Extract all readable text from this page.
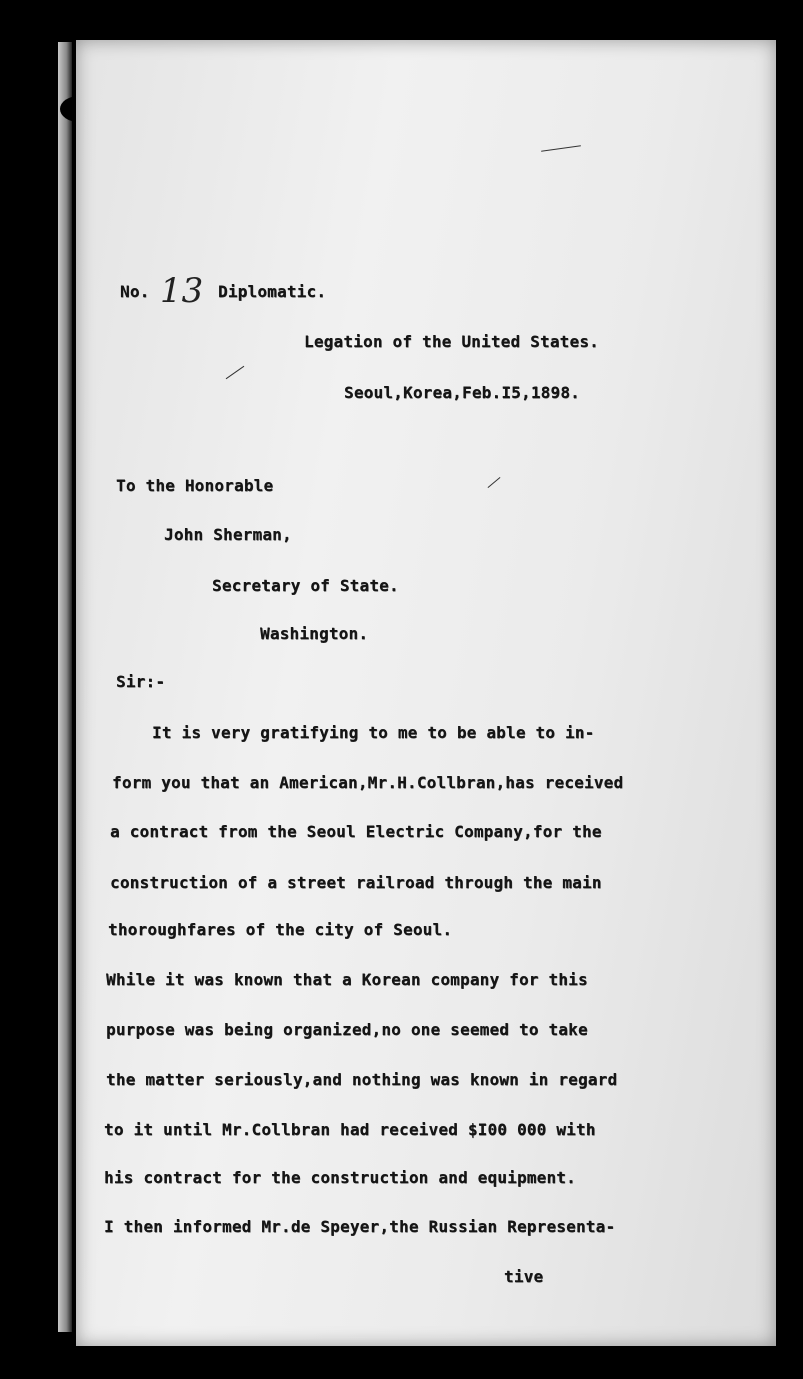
No. 13 Diplomatic.
Legation of the United States.
Seoul,Korea,Feb.I5,1898.
To the Honorable
John Sherman,
Secretary of State.
Washington.
Sir:-
It is very gratifying to me to be able to in-
form you that an American,Mr.H.Collbran,has received
a contract from the Seoul Electric Company,for the
construction of a street railroad through the main
thoroughfares of the city of Seoul.
While it was known that a Korean company for this
purpose was being organized,no one seemed to take
the matter seriously,and nothing was known in regard
to it until Mr.Collbran had received $I00 000 with
his contract for the construction and equipment.
I then informed Mr.de Speyer,the Russian Representa-
tive
